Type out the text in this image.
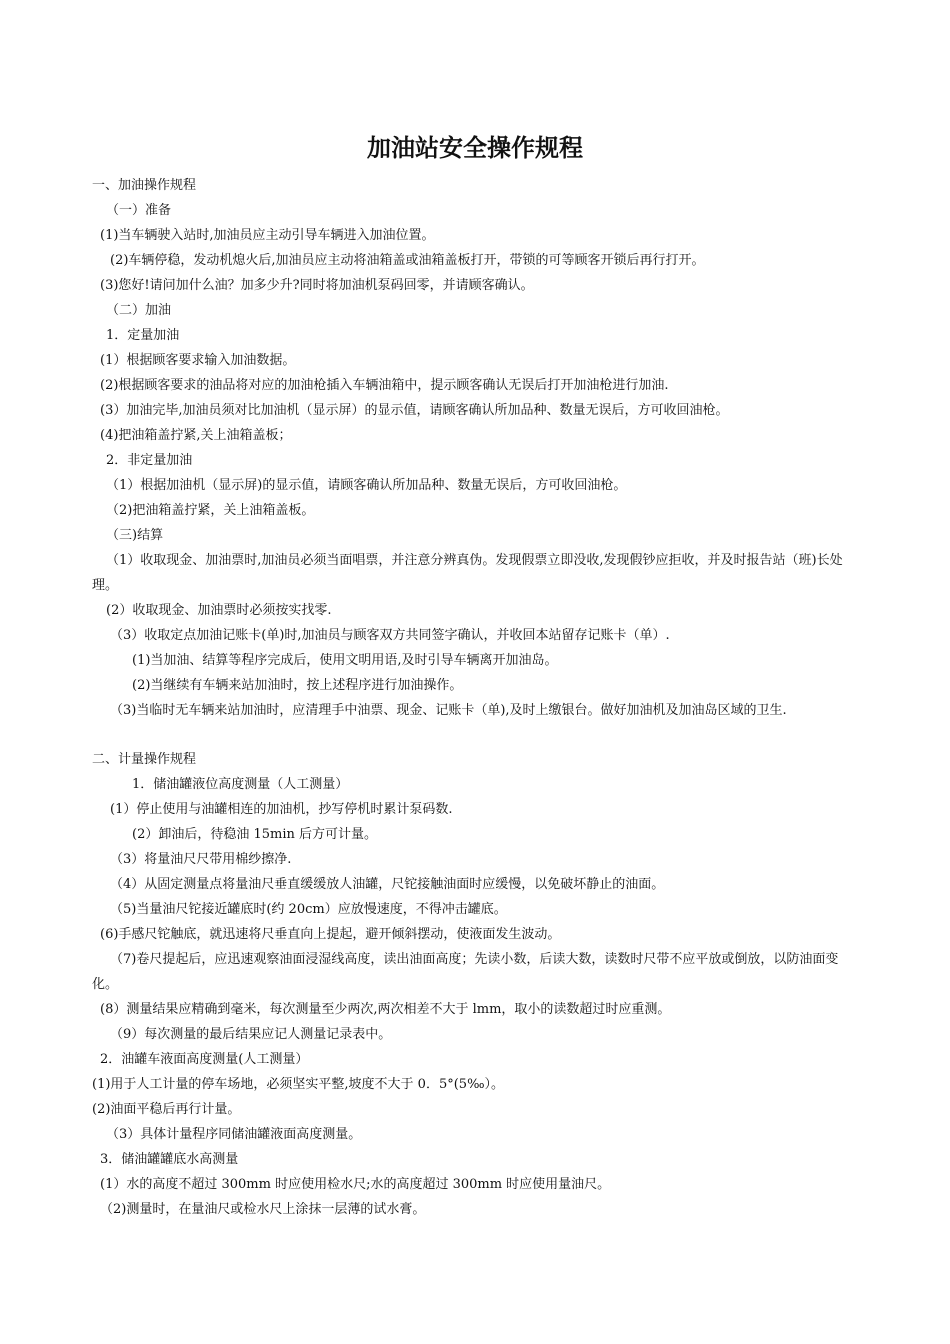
加油站安全操作规程

一、加油操作规程

（一）准备

(1)当车辆驶入站时,加油员应主动引导车辆进入加油位置。

(2)车辆停稳，发动机熄火后,加油员应主动将油箱盖或油箱盖板打开，带锁的可等顾客开锁后再行打开。

(3)您好!请问加什么油？加多少升?同时将加油机泵码回零，并请顾客确认。

（二）加油

1．定量加油

(1）根据顾客要求输入加油数据。

(2)根据顾客要求的油品将对应的加油枪插入车辆油箱中，提示顾客确认无误后打开加油枪进行加油.

(3）加油完毕,加油员须对比加油机（显示屏）的显示值，请顾客确认所加品种、数量无误后，方可收回油枪。

(4)把油箱盖拧紧,关上油箱盖板；

2．非定量加油

（1）根据加油机（显示屏)的显示值，请顾客确认所加品种、数量无误后，方可收回油枪。

（2)把油箱盖拧紧，关上油箱盖板。

（三)结算

（1）收取现金、加油票时,加油员必须当面唱票，并注意分辨真伪。发现假票立即没收,发现假钞应拒收，并及时报告站（班)长处理。

(2）收取现金、加油票时必须按实找零.

（3）收取定点加油记账卡(单)时,加油员与顾客双方共同签字确认，并收回本站留存记账卡（单）.

(1)当加油、结算等程序完成后，使用文明用语,及时引导车辆离开加油岛。

(2)当继续有车辆来站加油时，按上述程序进行加油操作。

（3)当临时无车辆来站加油时，应清理手中油票、现金、记账卡（单),及时上缴银台。做好加油机及加油岛区域的卫生.

二、计量操作规程

1．储油罐液位高度测量（人工测量）

(1）停止使用与油罐相连的加油机，抄写停机时累计泵码数.

(2）卸油后，待稳油 15min 后方可计量。

（3）将量油尺尺带用棉纱擦净.

（4）从固定测量点将量油尺垂直缓缓放人油罐，尺铊接触油面时应缓慢，以免破坏静止的油面。

（5)当量油尺铊接近罐底时(约 20cm）应放慢速度，不得冲击罐底。

(6)手感尺铊触底，就迅速将尺垂直向上提起，避开倾斜摆动，使液面发生波动。

（7)卷尺提起后，应迅速观察油面浸湿线高度，读出油面高度；先读小数，后读大数，读数时尺带不应平放或倒放，以防油面变化。

(8）测量结果应精确到毫米，每次测量至少两次,两次相差不大于 lmm，取小的读数超过时应重测。

（9）每次测量的最后结果应记人测量记录表中。

2．油罐车液面高度测量(人工测量）

(1)用于人工计量的停车场地，必须坚实平整,坡度不大于 0．5°(5‰）。

(2)油面平稳后再行计量。

（3）具体计量程序同储油罐液面高度测量。

3．储油罐罐底水高测量

(1）水的高度不超过 300mm 时应使用检水尺;水的高度超过 300mm 时应使用量油尺。

（2)测量时，在量油尺或检水尺上涂抹一层薄的试水膏。
